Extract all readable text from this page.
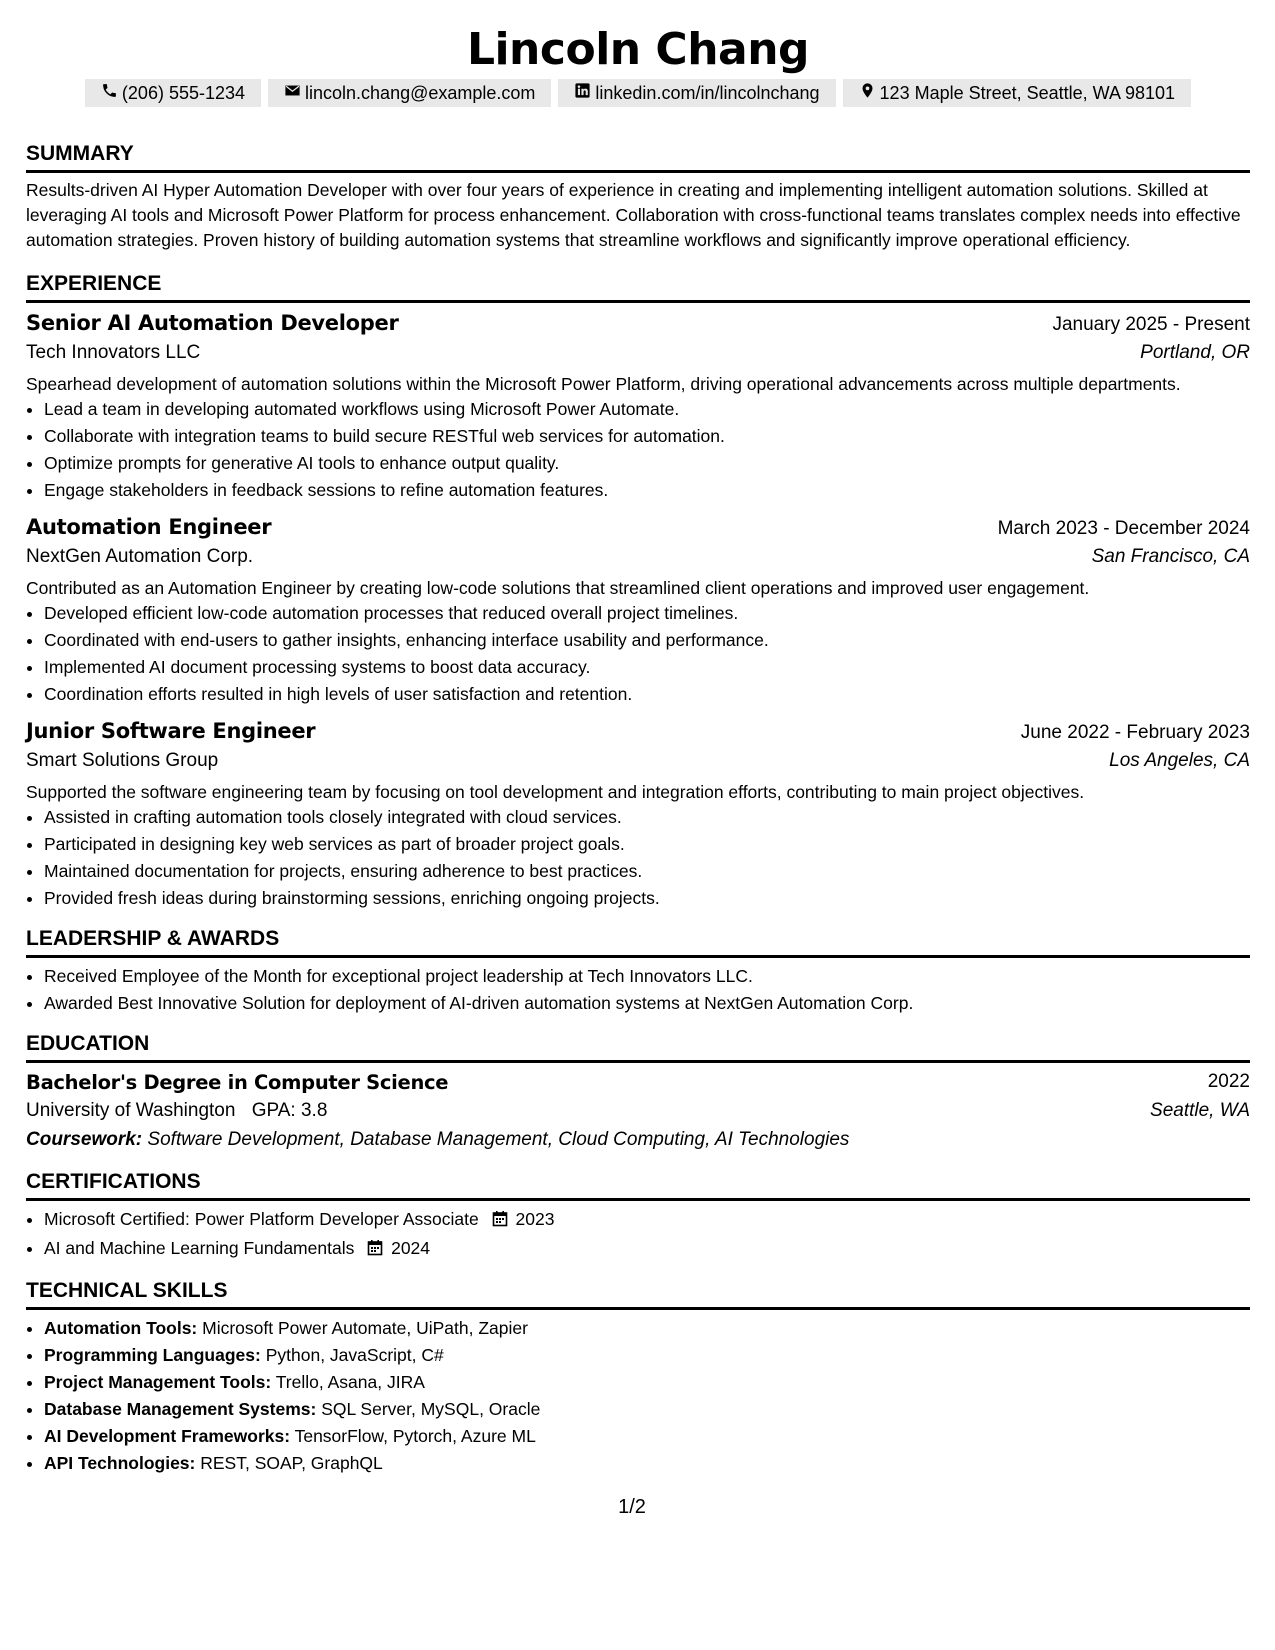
Lincoln Chang
(206) 555-1234	lincoln.chang@example.com	linkedin.com/in/lincolnchang	123 Maple Street, Seattle, WA 98101
SUMMARY
Results-driven AI Hyper Automation Developer with over four years of experience in creating and implementing intelligent automation solutions. Skilled at leveraging AI tools and Microsoft Power Platform for process enhancement. Collaboration with cross-functional teams translates complex needs into effective automation strategies. Proven history of building automation systems that streamline workflows and significantly improve operational efficiency.
EXPERIENCE
Senior AI Automation Developer	January 2025 - Present
Tech Innovators LLC	Portland, OR
Spearhead development of automation solutions within the Microsoft Power Platform, driving operational advancements across multiple departments.
• Lead a team in developing automated workflows using Microsoft Power Automate.
• Collaborate with integration teams to build secure RESTful web services for automation.
• Optimize prompts for generative AI tools to enhance output quality.
• Engage stakeholders in feedback sessions to refine automation features.
Automation Engineer	March 2023 - December 2024
NextGen Automation Corp.	San Francisco, CA
Contributed as an Automation Engineer by creating low-code solutions that streamlined client operations and improved user engagement.
• Developed efficient low-code automation processes that reduced overall project timelines.
• Coordinated with end-users to gather insights, enhancing interface usability and performance.
• Implemented AI document processing systems to boost data accuracy.
• Coordination efforts resulted in high levels of user satisfaction and retention.
Junior Software Engineer	June 2022 - February 2023
Smart Solutions Group	Los Angeles, CA
Supported the software engineering team by focusing on tool development and integration efforts, contributing to main project objectives.
• Assisted in crafting automation tools closely integrated with cloud services.
• Participated in designing key web services as part of broader project goals.
• Maintained documentation for projects, ensuring adherence to best practices.
• Provided fresh ideas during brainstorming sessions, enriching ongoing projects.
LEADERSHIP & AWARDS
• Received Employee of the Month for exceptional project leadership at Tech Innovators LLC.
• Awarded Best Innovative Solution for deployment of AI-driven automation systems at NextGen Automation Corp.
EDUCATION
Bachelor's Degree in Computer Science	2022
University of Washington GPA: 3.8	Seattle, WA
Coursework: Software Development, Database Management, Cloud Computing, AI Technologies
CERTIFICATIONS
• Microsoft Certified: Power Platform Developer Associate 2023
• AI and Machine Learning Fundamentals 2024
TECHNICAL SKILLS
• Automation Tools: Microsoft Power Automate, UiPath, Zapier
• Programming Languages: Python, JavaScript, C#
• Project Management Tools: Trello, Asana, JIRA
• Database Management Systems: SQL Server, MySQL, Oracle
• AI Development Frameworks: TensorFlow, Pytorch, Azure ML
• API Technologies: REST, SOAP, GraphQL
1/2
